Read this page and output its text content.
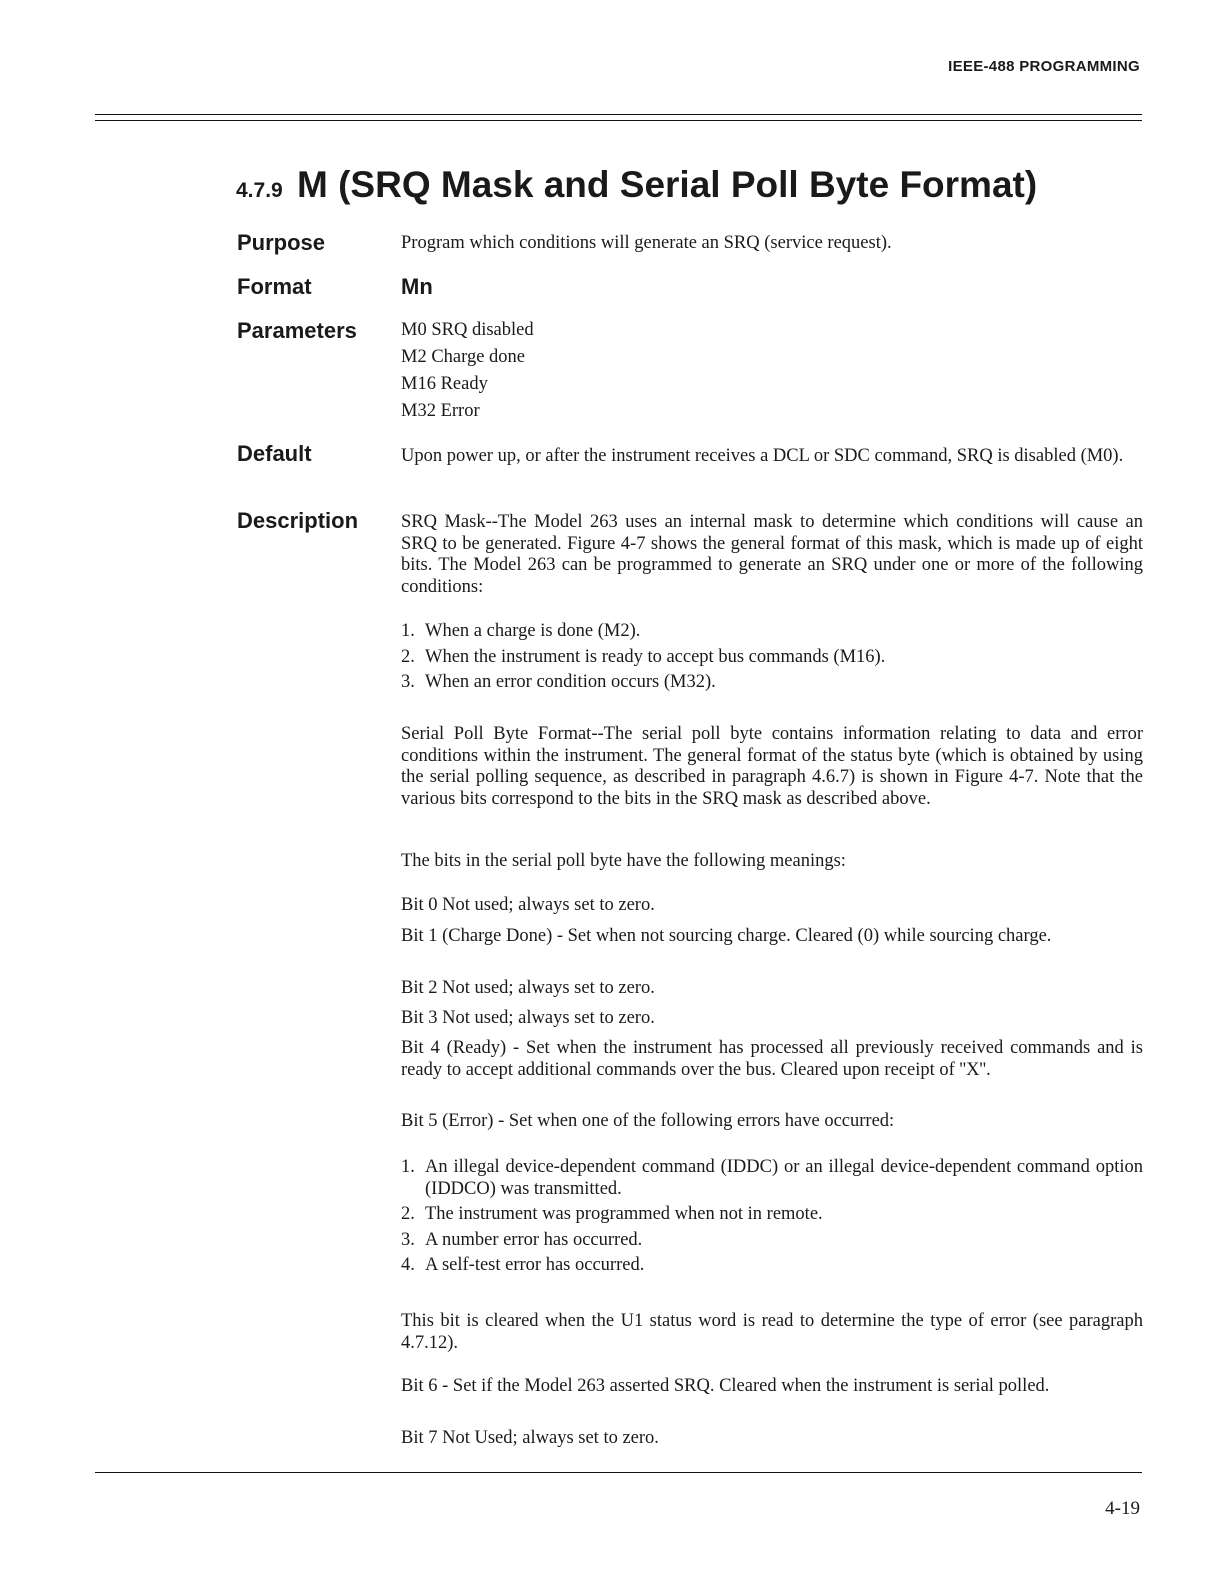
IEEE-488 PROGRAMMING
4.7.9 M (SRQ Mask and Serial Poll Byte Format)
Purpose	Program which conditions will generate an SRQ (service request).

Format	Mn
Parameters M0 SRQ disabled
M2 Charge done
M16 Ready
M32 Error
Default	Upon power up, or after the instrument receives a DCL or SDC command, SRQ is disabled (M0).

Description SRQ Mask--The Model 263 uses an internal mask to determine which conditions will cause an SRQ to be generated. Figure 4-7 shows the general format of this mask, which is made up of eight bits. The Model 263 can be programmed to generate an SRQ under one or more of the following conditions:

1. When a charge is done (M2).
2. When the instrument is ready to accept bus commands (M16).
3. When an error condition occurs (M32).

Serial Poll Byte Format--The serial poll byte contains information relating to data and error conditions within the instrument. The general format of the status byte (which is obtained by using the serial polling sequence, as described in paragraph 4.6.7) is shown in Figure 4-7. Note that the various bits correspond to the bits in the SRQ mask as described above.

The bits in the serial poll byte have the following meanings:

Bit 0 Not used; always set to zero.

Bit 1 (Charge Done) - Set when not sourcing charge. Cleared (0) while sourcing charge.

Bit 2 Not used; always set to zero.

Bit 3 Not used; always set to zero.

Bit 4 (Ready) - Set when the instrument has processed all previously received commands and is ready to accept additional commands over the bus. Cleared upon receipt of ''X''.

Bit 5 (Error) - Set when one of the following errors have occurred:

1. An illegal device-dependent command (IDDC) or an illegal device-dependent command option (IDDCO) was transmitted.
2. The instrument was programmed when not in remote.
3. A number error has occurred.
4. A self-test error has occurred.

This bit is cleared when the U1 status word is read to determine the type of error (see paragraph 4.7.12).

Bit 6 - Set if the Model 263 asserted SRQ. Cleared when the instrument is serial polled.

Bit 7 Not Used; always set to zero.

4-19
